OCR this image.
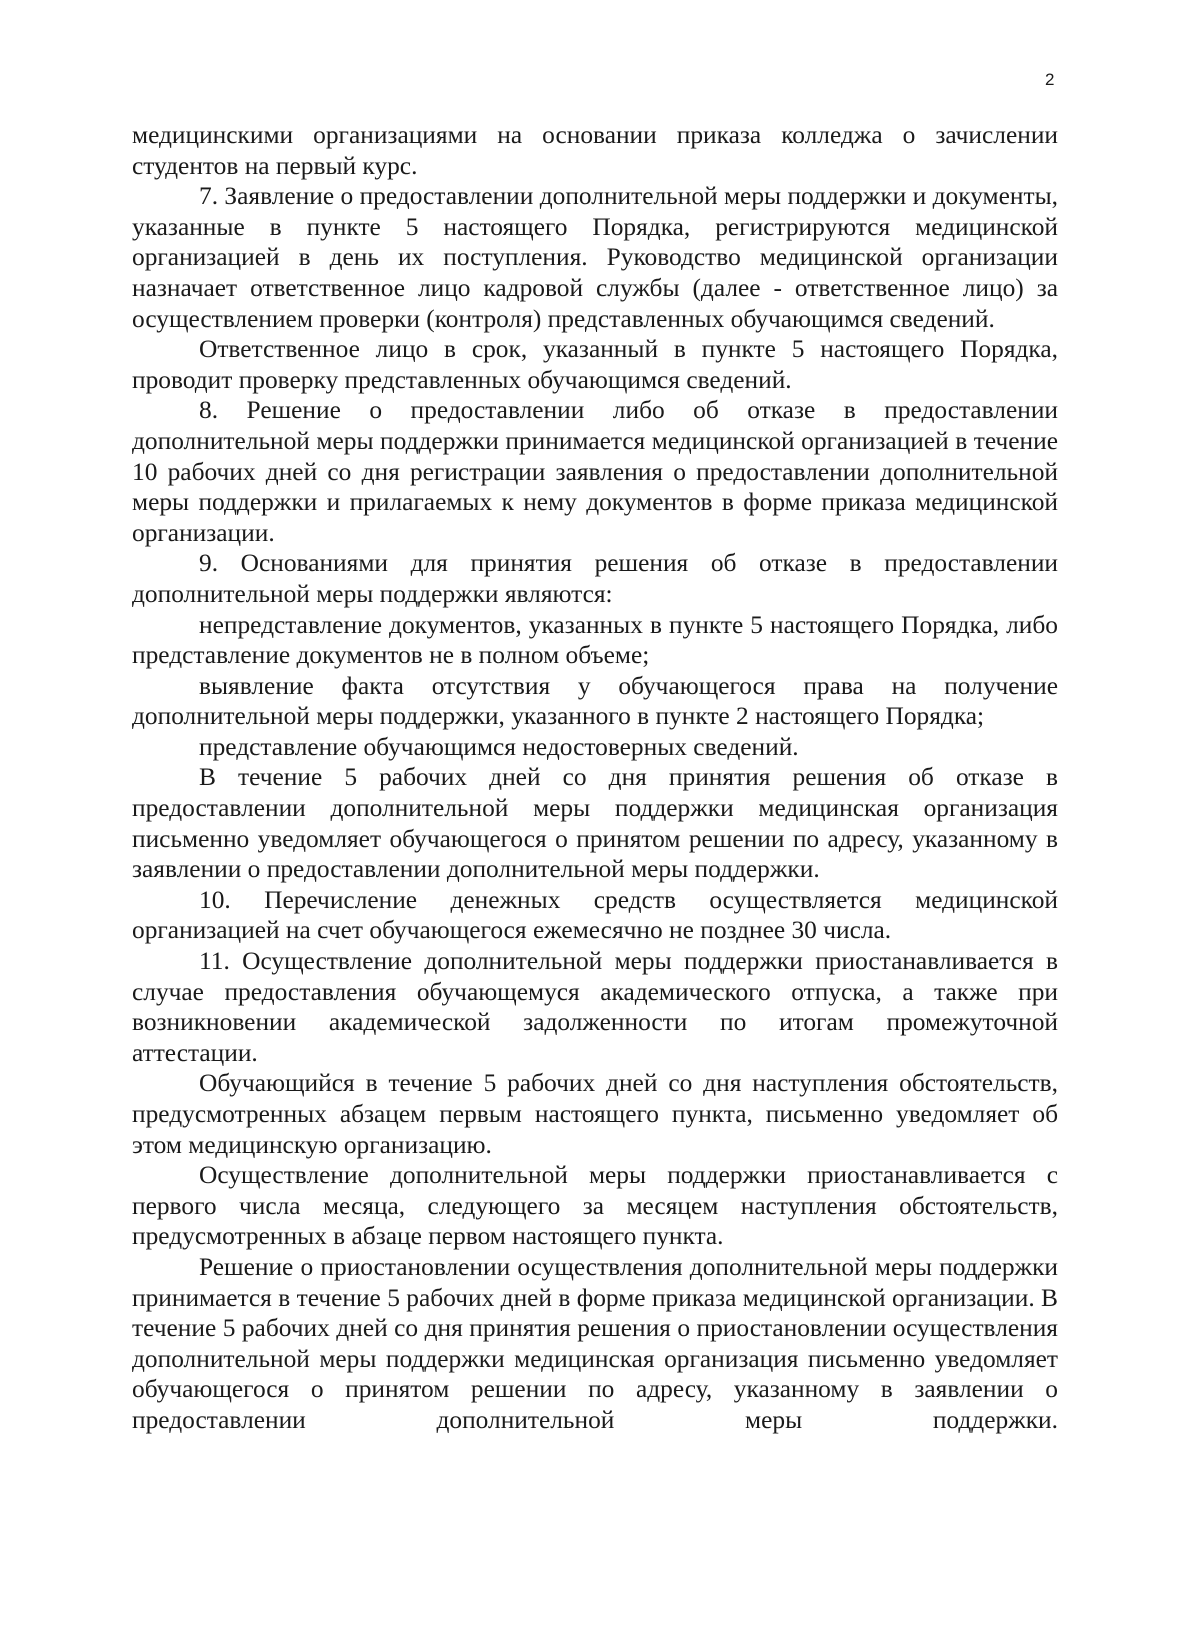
2

медицинскими организациями на основании приказа колледжа о зачислении студентов на первый курс.

7. Заявление о предоставлении дополнительной меры поддержки и документы, указанные в пункте 5 настоящего Порядка, регистрируются медицинской организацией в день их поступления. Руководство медицинской организации назначает ответственное лицо кадровой службы (далее - ответственное лицо) за осуществлением проверки (контроля) представленных обучающимся сведений.

Ответственное лицо в срок, указанный в пункте 5 настоящего Порядка, проводит проверку представленных обучающимся сведений.

8. Решение о предоставлении либо об отказе в предоставлении дополнительной меры поддержки принимается медицинской организацией в течение 10 рабочих дней со дня регистрации заявления о предоставлении дополнительной меры поддержки и прилагаемых к нему документов в форме приказа медицинской организации.

9. Основаниями для принятия решения об отказе в предоставлении дополнительной меры поддержки являются:

непредставление документов, указанных в пункте 5 настоящего Порядка, либо представление документов не в полном объеме;

выявление факта отсутствия у обучающегося права на получение дополнительной меры поддержки, указанного в пункте 2 настоящего Порядка;

представление обучающимся недостоверных сведений.

В течение 5 рабочих дней со дня принятия решения об отказе в предоставлении дополнительной меры поддержки медицинская организация письменно уведомляет обучающегося о принятом решении по адресу, указанному в заявлении о предоставлении дополнительной меры поддержки.

10. Перечисление денежных средств осуществляется медицинской организацией на счет обучающегося ежемесячно не позднее 30 числа.

11. Осуществление дополнительной меры поддержки приостанавливается в случае предоставления обучающемуся академического отпуска, а также при возникновении академической задолженности по итогам промежуточной аттестации.

Обучающийся в течение 5 рабочих дней со дня наступления обстоятельств, предусмотренных абзацем первым настоящего пункта, письменно уведомляет об этом медицинскую организацию.

Осуществление дополнительной меры поддержки приостанавливается с первого числа месяца, следующего за месяцем наступления обстоятельств, предусмотренных в абзаце первом настоящего пункта.

Решение о приостановлении осуществления дополнительной меры поддержки принимается в течение 5 рабочих дней в форме приказа медицинской организации. В течение 5 рабочих дней со дня принятия решения о приостановлении осуществления дополнительной меры поддержки медицинская организация письменно уведомляет обучающегося о принятом решении по адресу, указанному в заявлении о предоставлении дополнительной меры поддержки.
